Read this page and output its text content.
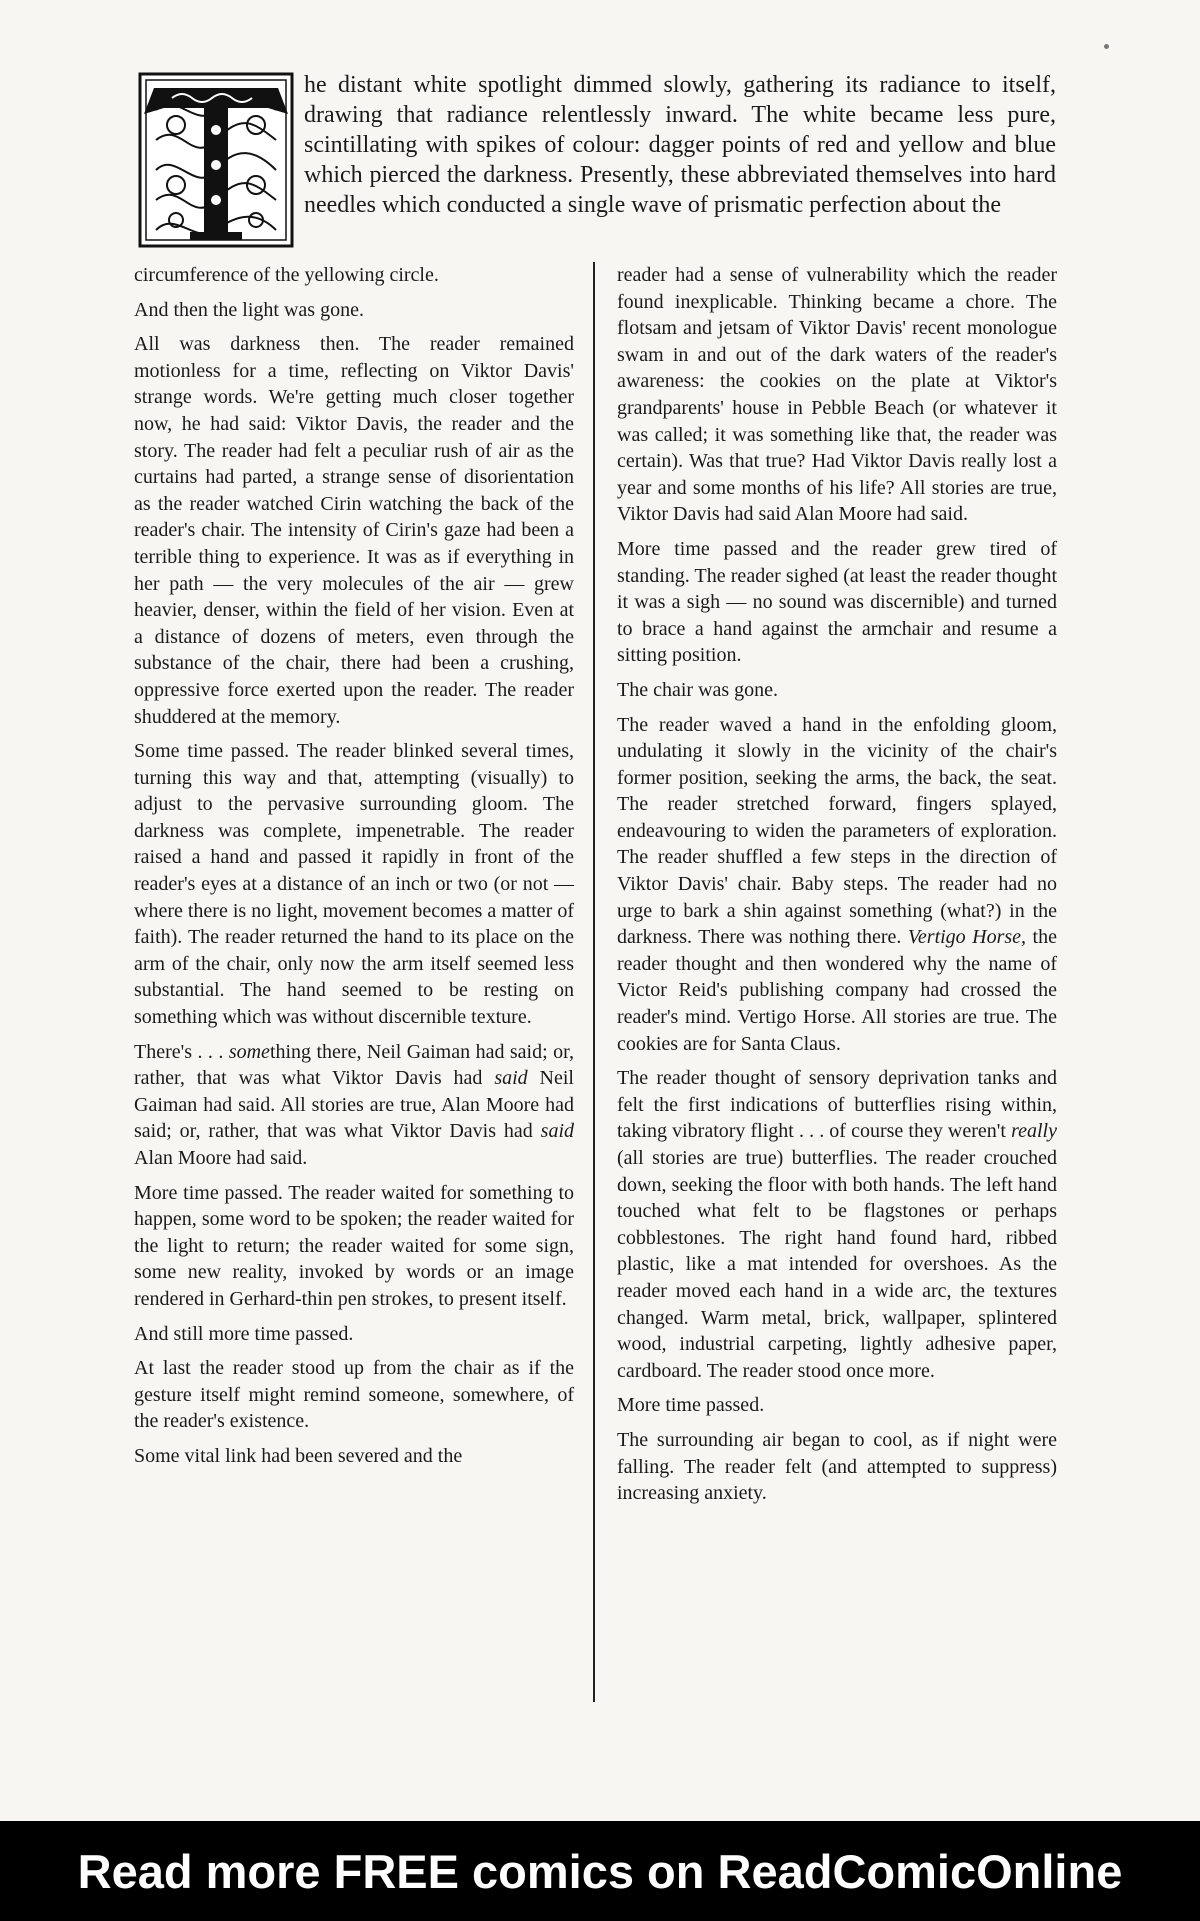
T

he distant white spotlight dimmed slowly, gathering its radiance to itself, drawing that radiance relentlessly inward. The white became less pure, scintillating with spikes of colour: dagger points of red and yellow and blue which pierced the darkness. Presently, these abbreviated themselves into hard needles which conducted a single wave of prismatic perfection about the

circumference of the yellowing circle.

And then the light was gone.

All was darkness then. The reader remained motionless for a time, reflecting on Viktor Davis' strange words. We're getting much closer together now, he had said: Viktor Davis, the reader and the story. The reader had felt a peculiar rush of air as the curtains had parted, a strange sense of disorientation as the reader watched Cirin watching the back of the reader's chair. The intensity of Cirin's gaze had been a terrible thing to experience. It was as if everything in her path — the very molecules of the air — grew heavier, denser, within the field of her vision. Even at a distance of dozens of meters, even through the substance of the chair, there had been a crushing, oppressive force exerted upon the reader. The reader shuddered at the memory.

Some time passed. The reader blinked several times, turning this way and that, attempting (visually) to adjust to the pervasive surrounding gloom. The darkness was complete, impenetrable. The reader raised a hand and passed it rapidly in front of the reader's eyes at a distance of an inch or two (or not — where there is no light, movement becomes a matter of faith). The reader returned the hand to its place on the arm of the chair, only now the arm itself seemed less substantial. The hand seemed to be resting on something which was without discernible texture.

There's . . . something there, Neil Gaiman had said; or, rather, that was what Viktor Davis had said Neil Gaiman had said. All stories are true, Alan Moore had said; or, rather, that was what Viktor Davis had said Alan Moore had said.

More time passed. The reader waited for something to happen, some word to be spoken; the reader waited for the light to return; the reader waited for some sign, some new reality, invoked by words or an image rendered in Gerhard-thin pen strokes, to present itself.

And still more time passed.

At last the reader stood up from the chair as if the gesture itself might remind someone, somewhere, of the reader's existence.

Some vital link had been severed and the

reader had a sense of vulnerability which the reader found inexplicable. Thinking became a chore. The flotsam and jetsam of Viktor Davis' recent monologue swam in and out of the dark waters of the reader's awareness: the cookies on the plate at Viktor's grandparents' house in Pebble Beach (or whatever it was called; it was something like that, the reader was certain). Was that true? Had Viktor Davis really lost a year and some months of his life? All stories are true, Viktor Davis had said Alan Moore had said.

More time passed and the reader grew tired of standing. The reader sighed (at least the reader thought it was a sigh — no sound was discernible) and turned to brace a hand against the armchair and resume a sitting position.

The chair was gone.

The reader waved a hand in the enfolding gloom, undulating it slowly in the vicinity of the chair's former position, seeking the arms, the back, the seat. The reader stretched forward, fingers splayed, endeavouring to widen the parameters of exploration. The reader shuffled a few steps in the direction of Viktor Davis' chair. Baby steps. The reader had no urge to bark a shin against something (what?) in the darkness. There was nothing there. Vertigo Horse, the reader thought and then wondered why the name of Victor Reid's publishing company had crossed the reader's mind. Vertigo Horse. All stories are true. The cookies are for Santa Claus.

The reader thought of sensory deprivation tanks and felt the first indications of butterflies rising within, taking vibratory flight . . . of course they weren't really (all stories are true) butterflies. The reader crouched down, seeking the floor with both hands. The left hand touched what felt to be flagstones or perhaps cobblestones. The right hand found hard, ribbed plastic, like a mat intended for overshoes. As the reader moved each hand in a wide arc, the textures changed. Warm metal, brick, wallpaper, splintered wood, industrial carpeting, lightly adhesive paper, cardboard. The reader stood once more.

More time passed.

The surrounding air began to cool, as if night were falling. The reader felt (and attempted to suppress) increasing anxiety.

Read more FREE comics on ReadComicOnline
